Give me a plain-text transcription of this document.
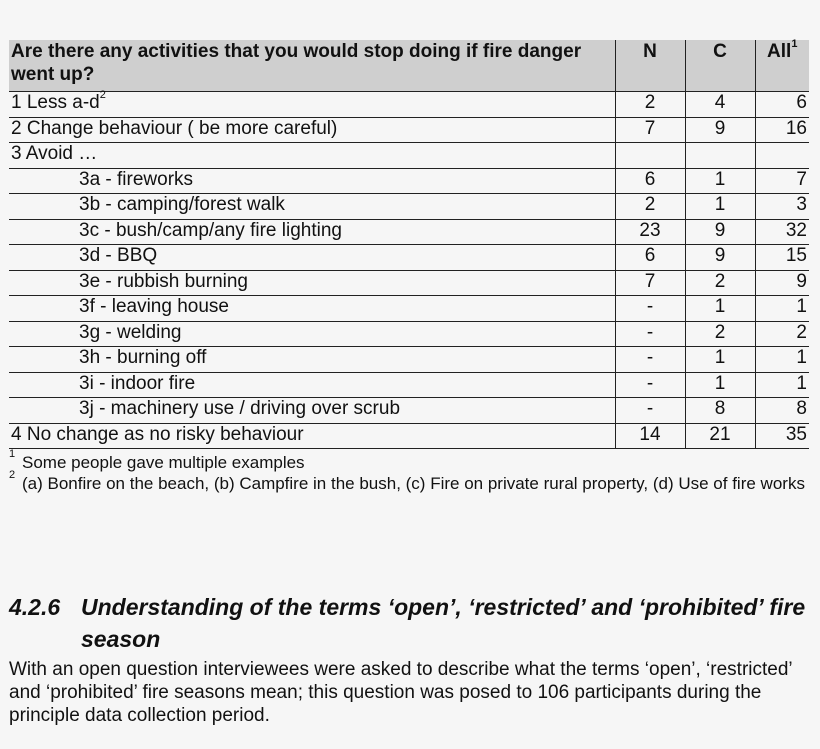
Are there any activities that you would stop doing if fire danger went up?	N	C	All$^1$
1 Less $a-d^2$	2	4	6
2 Change behaviour ( be more careful)	7	9	16
3 Avoid …			
3a - fireworks	6	1	7
3b - camping/forest walk	2	1	3
3c - bush/camp/any fire lighting	23	9	32
3d - BBQ	6	9	15
3e - rubbish burning	7	2	9
3f - leaving house	-	1	1
3g - welding	-	2	2
3h - burning off	-	1	1
3i - indoor fire	-	1	1
3j - machinery use / driving over scrub	-	8	8
4 No change as no risky behaviour	14	21	35
1 Some people gave multiple examples
2 (a) Bonfire on the beach, (b) Campfire in the bush, (c) Fire on private rural property, (d) Use of fire works
4.2.6 Understanding of the terms ‘open’, ‘restricted’ and ‘prohibited’ fire
season
With an open question interviewees were asked to describe what the terms ‘open’, ‘restricted’ and ‘prohibited’ fire seasons mean; this question was posed to 106 participants during the principle data collection period.
